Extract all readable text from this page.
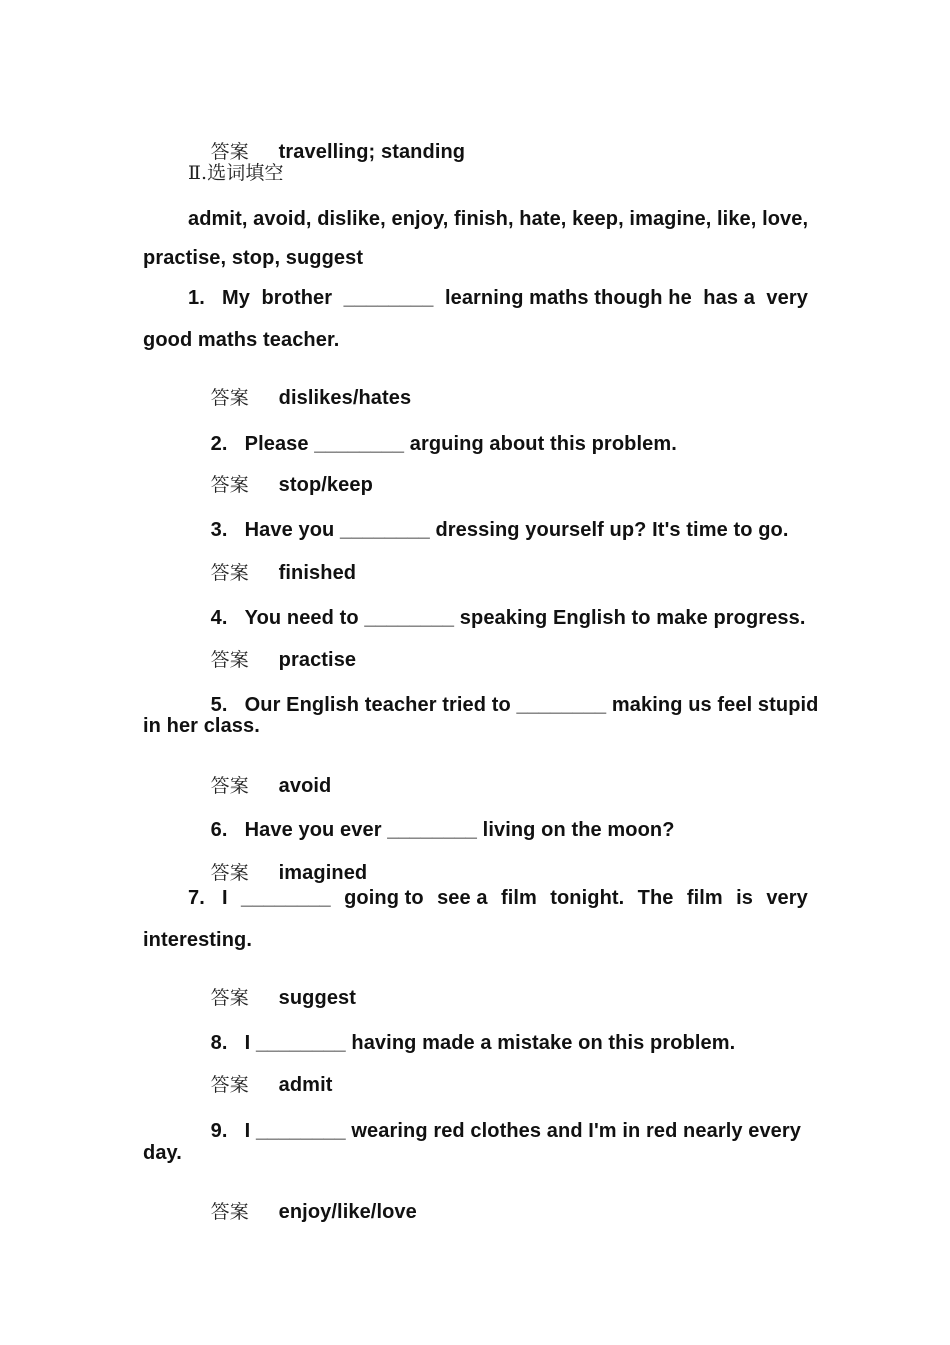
答案 travelling; standing

Ⅱ.选词填空
admit, avoid, dislike, enjoy, finish, hate, keep, imagine, like, love,
practise, stop, suggest
1. My brother ________ learning maths though he has a very
good maths teacher.

答案 dislikes/hates

2. Please ________ arguing about this problem.

答案 stop/keep

3. Have you ________ dressing yourself up? It's time to go.

答案 finished

4. You need to ________ speaking English to make progress.

答案 practise

5. Our English teacher tried to ________ making us feel stupid

in her class.

答案 avoid

6. Have you ever ________ living on the moon?

答案 imagined

7. I ________ going to see a film tonight. The film is very
interesting.

答案 suggest

8. I ________ having made a mistake on this problem.

答案 admit

9. I ________ wearing red clothes and I'm in red nearly every

day.

答案 enjoy/like/love
